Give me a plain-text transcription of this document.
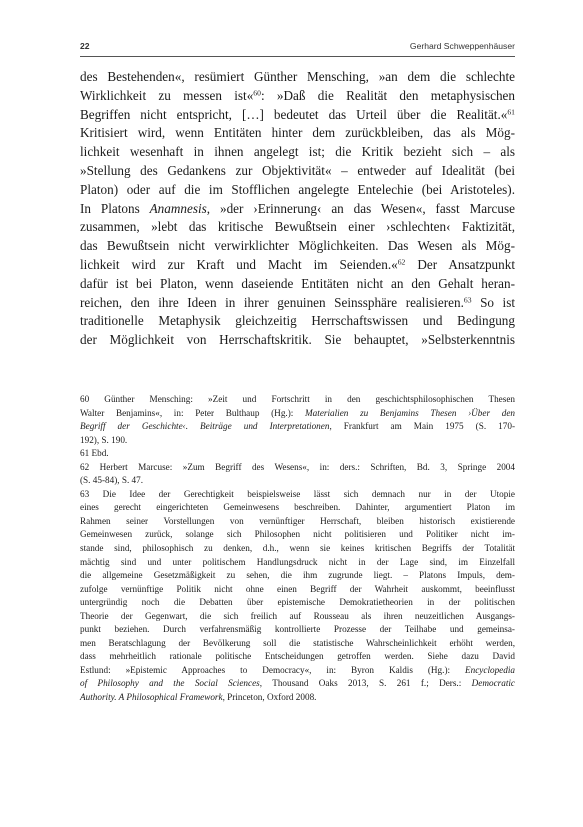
22	Gerhard Schweppenhäuser
des Bestehenden«, resümiert Günther Mensching, »an dem die schlechte
Wirklichkeit zu messen ist«$^{60}$: »Daß die Realität den metaphysischen
Begriffen nicht entspricht, […] bedeutet das Urteil über die Realität.«$^{61}$
Kritisiert wird, wenn Entitäten hinter dem zurückbleiben, das als Mög-
lichkeit wesenhaft in ihnen angelegt ist; die Kritik bezieht sich – als
»Stellung des Gedankens zur Objektivität« – entweder auf Idealität (bei
Platon) oder auf die im Stofflichen angelegte Entelechie (bei Aristoteles).
In Platons Anamnesis, »der ›Erinnerung‹ an das Wesen«, fasst Marcuse
zusammen, »lebt das kritische Bewußtsein einer ›schlechten‹ Faktizität,
das Bewußtsein nicht verwirklichter Möglichkeiten. Das Wesen als Mög-
lichkeit wird zur Kraft und Macht im Seienden.«$^{62}$ Der Ansatzpunkt
dafür ist bei Platon, wenn daseiende Entitäten nicht an den Gehalt heran-
reichen, den ihre Ideen in ihrer genuinen Seinssphäre realisieren.$^{63}$ So ist
traditionelle Metaphysik gleichzeitig Herrschaftswissen und Bedingung
der Möglichkeit von Herrschaftskritik. Sie behauptet, »Selbsterkenntnis
60 Günther Mensching: »Zeit und Fortschritt in den geschichtsphilosophischen Thesen
Walter Benjamins«, in: Peter Bulthaup (Hg.): Materialien zu Benjamins Thesen ›Über den
Begriff der Geschichte‹. Beiträge und Interpretationen, Frankfurt am Main 1975 (S. 170-
192), S. 190.
61 Ebd.
62 Herbert Marcuse: »Zum Begriff des Wesens«, in: ders.: Schriften, Bd. 3, Springe 2004
(S. 45-84), S. 47.
63 Die Idee der Gerechtigkeit beispielsweise lässt sich demnach nur in der Utopie
eines gerecht eingerichteten Gemeinwesens beschreiben. Dahinter, argumentiert Platon im
Rahmen seiner Vorstellungen von vernünftiger Herrschaft, bleiben historisch existierende
Gemeinwesen zurück, solange sich Philosophen nicht politisieren und Politiker nicht im-
stande sind, philosophisch zu denken, d.h., wenn sie keines kritischen Begriffs der Totalität
mächtig sind und unter politischem Handlungsdruck nicht in der Lage sind, im Einzelfall
die allgemeine Gesetzmäßigkeit zu sehen, die ihm zugrunde liegt. – Platons Impuls, dem-
zufolge vernünftige Politik nicht ohne einen Begriff der Wahrheit auskommt, beeinflusst
untergründig noch die Debatten über epistemische Demokratietheorien in der politischen
Theorie der Gegenwart, die sich freilich auf Rousseau als ihren neuzeitlichen Ausgangs-
punkt beziehen. Durch verfahrensmäßig kontrollierte Prozesse der Teilhabe und gemeinsa-
men Beratschlagung der Bevölkerung soll die statistische Wahrscheinlichkeit erhöht werden,
dass mehrheitlich rationale politische Entscheidungen getroffen werden. Siehe dazu David
Estlund: »Epistemic Approaches to Democracy«, in: Byron Kaldis (Hg.): Encyclopedia
of Philosophy and the Social Sciences, Thousand Oaks 2013, S. 261 f.; Ders.: Democratic
Authority. A Philosophical Framework, Princeton, Oxford 2008.
